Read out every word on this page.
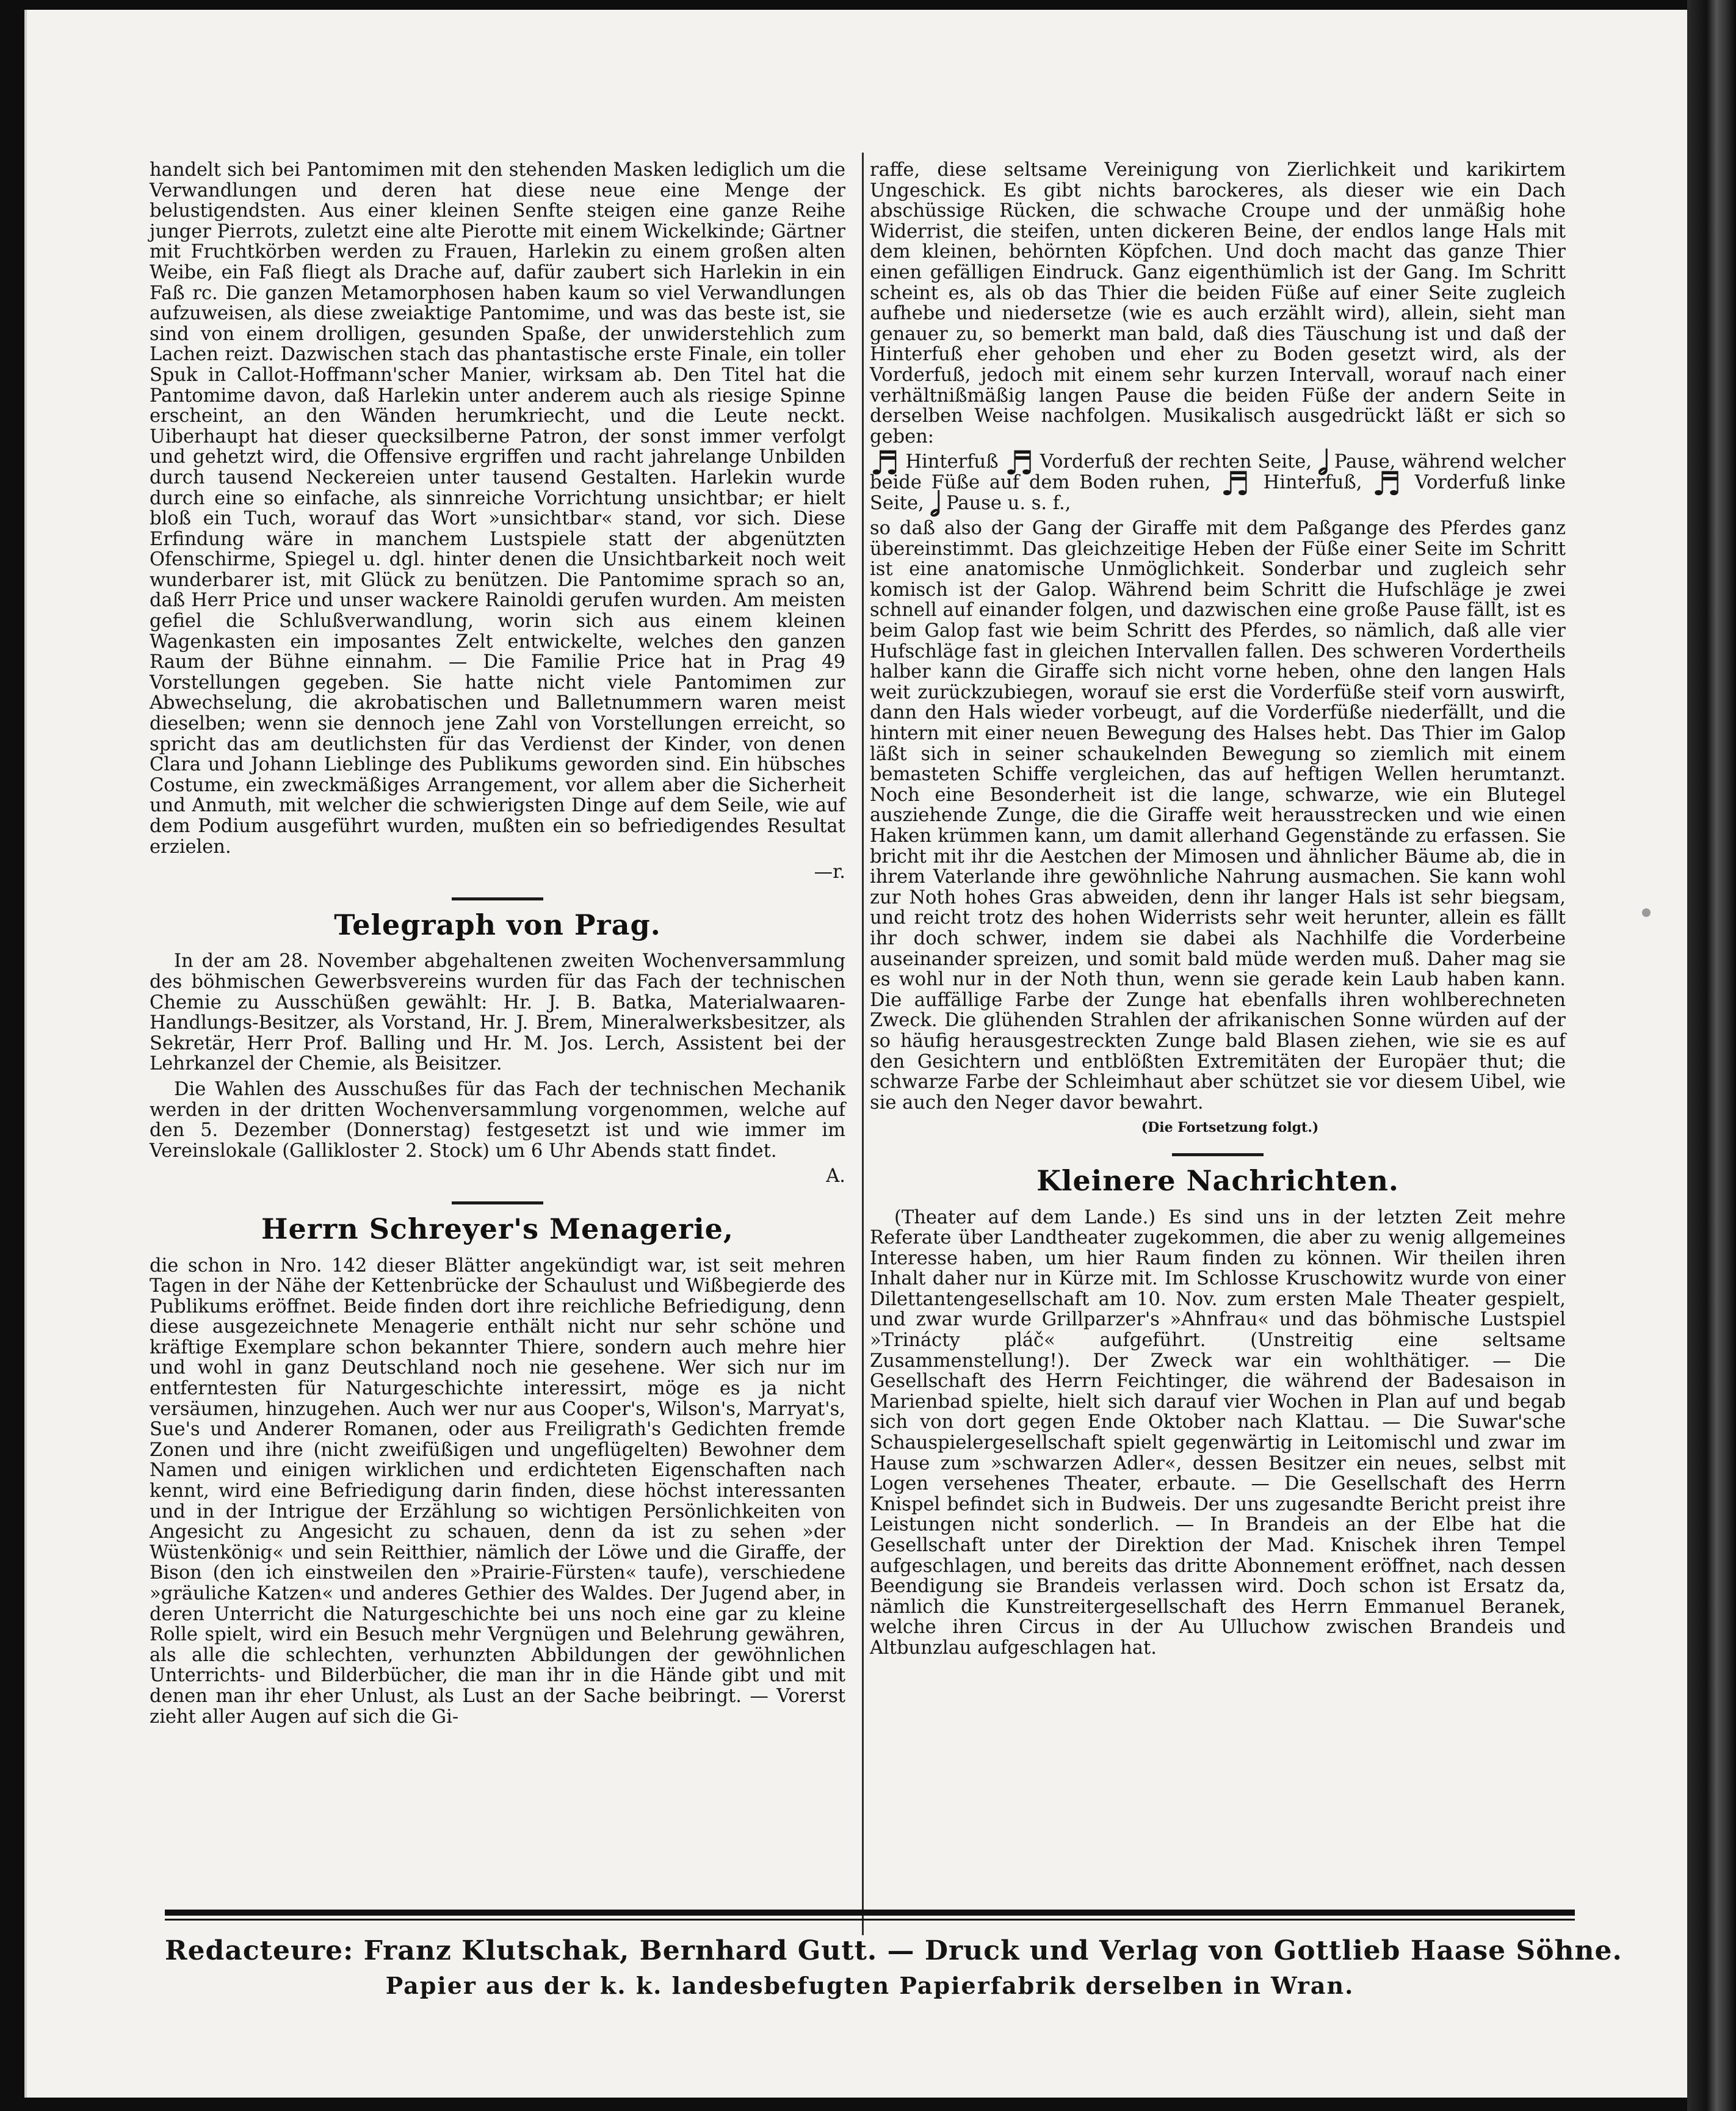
handelt sich bei Pantomimen mit den stehenden Masken lediglich um die Verwandlungen und deren hat diese neue eine Menge der belustigendsten. Aus einer kleinen Senfte steigen eine ganze Reihe junger Pierrots, zuletzt eine alte Pierotte mit einem Wickelkinde; Gärtner mit Fruchtkörben werden zu Frauen, Harlekin zu einem großen alten Weibe, ein Faß fliegt als Drache auf, dafür zaubert sich Harlekin in ein Faß rc. Die ganzen Metamorphosen haben kaum so viel Verwandlungen aufzuweisen, als diese zweiaktige Pantomime, und was das beste ist, sie sind von einem drolligen, gesunden Spaße, der unwiderstehlich zum Lachen reizt. Dazwischen stach das phantastische erste Finale, ein toller Spuk in Callot-Hoffmann'scher Manier, wirksam ab. Den Titel hat die Pantomime davon, daß Harlekin unter anderem auch als riesige Spinne erscheint, an den Wänden herumkriecht, und die Leute neckt. Uiberhaupt hat dieser quecksilberne Patron, der sonst immer verfolgt und gehetzt wird, die Offensive ergriffen und racht jahrelange Unbilden durch tausend Neckereien unter tausend Gestalten. Harlekin wurde durch eine so einfache, als sinnreiche Vorrichtung unsichtbar; er hielt bloß ein Tuch, worauf das Wort »unsichtbar« stand, vor sich. Diese Erfindung wäre in manchem Lustspiele statt der abgenützten Ofenschirme, Spiegel u. dgl. hinter denen die Unsichtbarkeit noch weit wunderbarer ist, mit Glück zu benützen. Die Pantomime sprach so an, daß Herr Price und unser wackere Rainoldi gerufen wurden. Am meisten gefiel die Schlußverwandlung, worin sich aus einem kleinen Wagenkasten ein imposantes Zelt entwickelte, welches den ganzen Raum der Bühne einnahm. — Die Familie Price hat in Prag 49 Vorstellungen gegeben. Sie hatte nicht viele Pantomimen zur Abwechselung, die akrobatischen und Balletnummern waren meist dieselben; wenn sie dennoch jene Zahl von Vorstellungen erreicht, so spricht das am deutlichsten für das Verdienst der Kinder, von denen Clara und Johann Lieblinge des Publikums geworden sind. Ein hübsches Costume, ein zweckmäßiges Arrangement, vor allem aber die Sicherheit und Anmuth, mit welcher die schwierigsten Dinge auf dem Seile, wie auf dem Podium ausgeführt wurden, mußten ein so befriedigendes Resultat erzielen.

—r.

Telegraph von Prag.

In der am 28. November abgehaltenen zweiten Wochenversammlung des böhmischen Gewerbsvereins wurden für das Fach der technischen Chemie zu Ausschüßen gewählt: Hr. J. B. Batka, Materialwaaren-Handlungs-Besitzer, als Vorstand, Hr. J. Brem, Mineralwerksbesitzer, als Sekretär, Herr Prof. Balling und Hr. M. Jos. Lerch, Assistent bei der Lehrkanzel der Chemie, als Beisitzer.

Die Wahlen des Ausschußes für das Fach der technischen Mechanik werden in der dritten Wochenversammlung vorgenommen, welche auf den 5. Dezember (Donnerstag) festgesetzt ist und wie immer im Vereinslokale (Galliklostег 2. Stock) um 6 Uhr Abends statt findet.

A.

Herrn Schreyer's Menagerie,

die schon in Nro. 142 dieser Blätter angekündigt war, ist seit mehren Tagen in der Nähe der Kettenbrücke der Schaulust und Wißbegierde des Publikums eröffnet. Beide finden dort ihre reichliche Befriedigung, denn diese ausgezeichnete Menagerie enthält nicht nur sehr schöne und kräftige Exemplare schon bekannter Thiere, sondern auch mehre hier und wohl in ganz Deutschland noch nie gesehene. Wer sich nur im entferntesten für Naturgeschichte interessirt, möge es ja nicht versäumen, hinzugehen. Auch wer nur aus Cooper's, Wilson's, Marryat's, Sue's und Anderer Romanen, oder aus Freiligrath's Gedichten fremde Zonen und ihre (nicht zweifüßigen und ungeflügelten) Bewohner dem Namen und einigen wirklichen und erdichteten Eigenschaften nach kennt, wird eine Befriedigung darin finden, diese höchst interessanten und in der Intrigue der Erzählung so wichtigen Persönlichkeiten von Angesicht zu Angesicht zu schauen, denn da ist zu sehen »der Wüstenkönig« und sein Reitthier, nämlich der Löwe und die Giraffe, der Bison (den ich einstweilen den »Prairie-Fürsten« taufe), verschiedene »gräuliche Katzen« und anderes Gethier des Waldes. Der Jugend aber, in deren Unterricht die Naturgeschichte bei uns noch eine gar zu kleine Rolle spielt, wird ein Besuch mehr Vergnügen und Belehrung gewähren, als alle die schlechten, verhunzten Abbildungen der gewöhnlichen Unterrichts- und Bilderbücher, die man ihr in die Hände gibt und mit denen man ihr eher Unlust, als Lust an der Sache beibringt. — Vorerst zieht aller Augen auf sich die Gi-

raffe, diese seltsame Vereinigung von Zierlichkeit und karikirtem Ungeschick. Es gibt nichts barockeres, als dieser wie ein Dach abschüssige Rücken, die schwache Croupe und der unmäßig hohe Widerrist, die steifen, unten dickeren Beine, der endlos lange Hals mit dem kleinen, behörnten Köpfchen. Und doch macht das ganze Thier einen gefälligen Eindruck. Ganz eigenthümlich ist der Gang. Im Schritt scheint es, als ob das Thier die beiden Füße auf einer Seite zugleich aufhebe und niedersetze (wie es auch erzählt wird), allein, sieht man genauer zu, so bemerkt man bald, daß dies Täuschung ist und daß der Hinterfuß eher gehoben und eher zu Boden gesetzt wird, als der Vorderfuß, jedoch mit einem sehr kurzen Intervall, worauf nach einer verhältnißmäßig langen Pause die beiden Füße der andern Seite in derselben Weise nachfolgen. Musikalisch ausgedrückt läßt er sich so geben:

♬ Hinterfuß ♬ Vorderfuß der rechten Seite, 𝅗𝅥 Pause, während welcher beide Füße auf dem Boden ruhen, ♬ Hinterfuß, ♬ Vorderfuß linke Seite, 𝅗𝅥 Pause u. s. f.,

so daß also der Gang der Giraffe mit dem Paßgange des Pferdes ganz übereinstimmt. Das gleichzeitige Heben der Füße einer Seite im Schritt ist eine anatomische Unmöglichkeit. Sonderbar und zugleich sehr komisch ist der Galop. Während beim Schritt die Hufschläge je zwei schnell auf einander folgen, und dazwischen eine große Pause fällt, ist es beim Galop fast wie beim Schritt des Pferdes, so nämlich, daß alle vier Hufschläge fast in gleichen Intervallen fallen. Des schweren Vordertheils halber kann die Giraffe sich nicht vorne heben, ohne den langen Hals weit zurückzubiegen, worauf sie erst die Vorderfüße steif vorn auswirft, dann den Hals wieder vorbeugt, auf die Vorderfüße niederfällt, und die hintern mit einer neuen Bewegung des Halses hebt. Das Thier im Galop läßt sich in seiner schaukelnden Bewegung so ziemlich mit einem bemasteten Schiffe vergleichen, das auf heftigen Wellen herumtanzt. Noch eine Besonderheit ist die lange, schwarze, wie ein Blutegel ausziehende Zunge, die die Giraffe weit herausstrecken und wie einen Haken krümmen kann, um damit allerhand Gegenstände zu erfassen. Sie bricht mit ihr die Aestchen der Mimosen und ähnlicher Bäume ab, die in ihrem Vaterlande ihre gewöhnliche Nahrung ausmachen. Sie kann wohl zur Noth hohes Gras abweiden, denn ihr langer Hals ist sehr biegsam, und reicht trotz des hohen Widerrists sehr weit herunter, allein es fällt ihr doch schwer, indem sie dabei als Nachhilfe die Vorderbeine auseinander spreizen, und somit bald müde werden muß. Daher mag sie es wohl nur in der Noth thun, wenn sie gerade kein Laub haben kann. Die auffällige Farbe der Zunge hat ebenfalls ihren wohlberechneten Zweck. Die glühenden Strahlen der afrikanischen Sonne würden auf der so häufig herausgestreckten Zunge bald Blasen ziehen, wie sie es auf den Gesichtern und entblößten Extremitäten der Europäer thut; die schwarze Farbe der Schleimhaut aber schützet sie vor diesem Uibel, wie sie auch den Neger davor bewahrt.

(Die Fortsetzung folgt.)

Kleinere Nachrichten.

(Theater auf dem Lande.) Es sind uns in der letzten Zeit mehre Referate über Landtheater zugekommen, die aber zu wenig allgemeines Interesse haben, um hier Raum finden zu können. Wir theilen ihren Inhalt daher nur in Kürze mit. Im Schlosse Kruschowitz wurde von einer Dilettantengesellschaft am 10. Nov. zum ersten Male Theater gespielt, und zwar wurde Grillparzer's »Ahnfrau« und das böhmische Lustspiel »Trinácty pláč« aufgeführt. (Unstreitig eine seltsame Zusammenstellung!). Der Zweck war ein wohlthätiger. — Die Gesellschaft des Herrn Feichtinger, die während der Badesaison in Marienbad spielte, hielt sich darauf vier Wochen in Plan auf und begab sich von dort gegen Ende Oktober nach Klattau. — Die Suwar'sche Schauspielergesellschaft spielt gegenwärtig in Leitomischl und zwar im Hause zum »schwarzen Adler«, dessen Besitzer ein neues, selbst mit Logen versehenes Theater, erbaute. — Die Gesellschaft des Herrn Knispel befindet sich in Budweis. Der uns zugesandte Bericht preist ihre Leistungen nicht sonderlich. — In Brandeis an der Elbe hat die Gesellschaft unter der Direktion der Mad. Knischek ihren Tempel aufgeschlagen, und bereits das dritte Abonnement eröffnet, nach dessen Beendigung sie Brandeis verlassen wird. Doch schon ist Ersatz da, nämlich die Kunstreitergesellschaft des Herrn Emmanuel Beranek, welche ihren Circus in der Au Ulluchow zwischen Brandeis und Altbunzlau aufgeschlagen hat.

Redacteure: Franz Klutschak, Bernhard Gutt. — Druck und Verlag von Gottlieb Haase Söhne.
Papier aus der k. k. landesbefugten Papierfabrik derselben in Wran.
